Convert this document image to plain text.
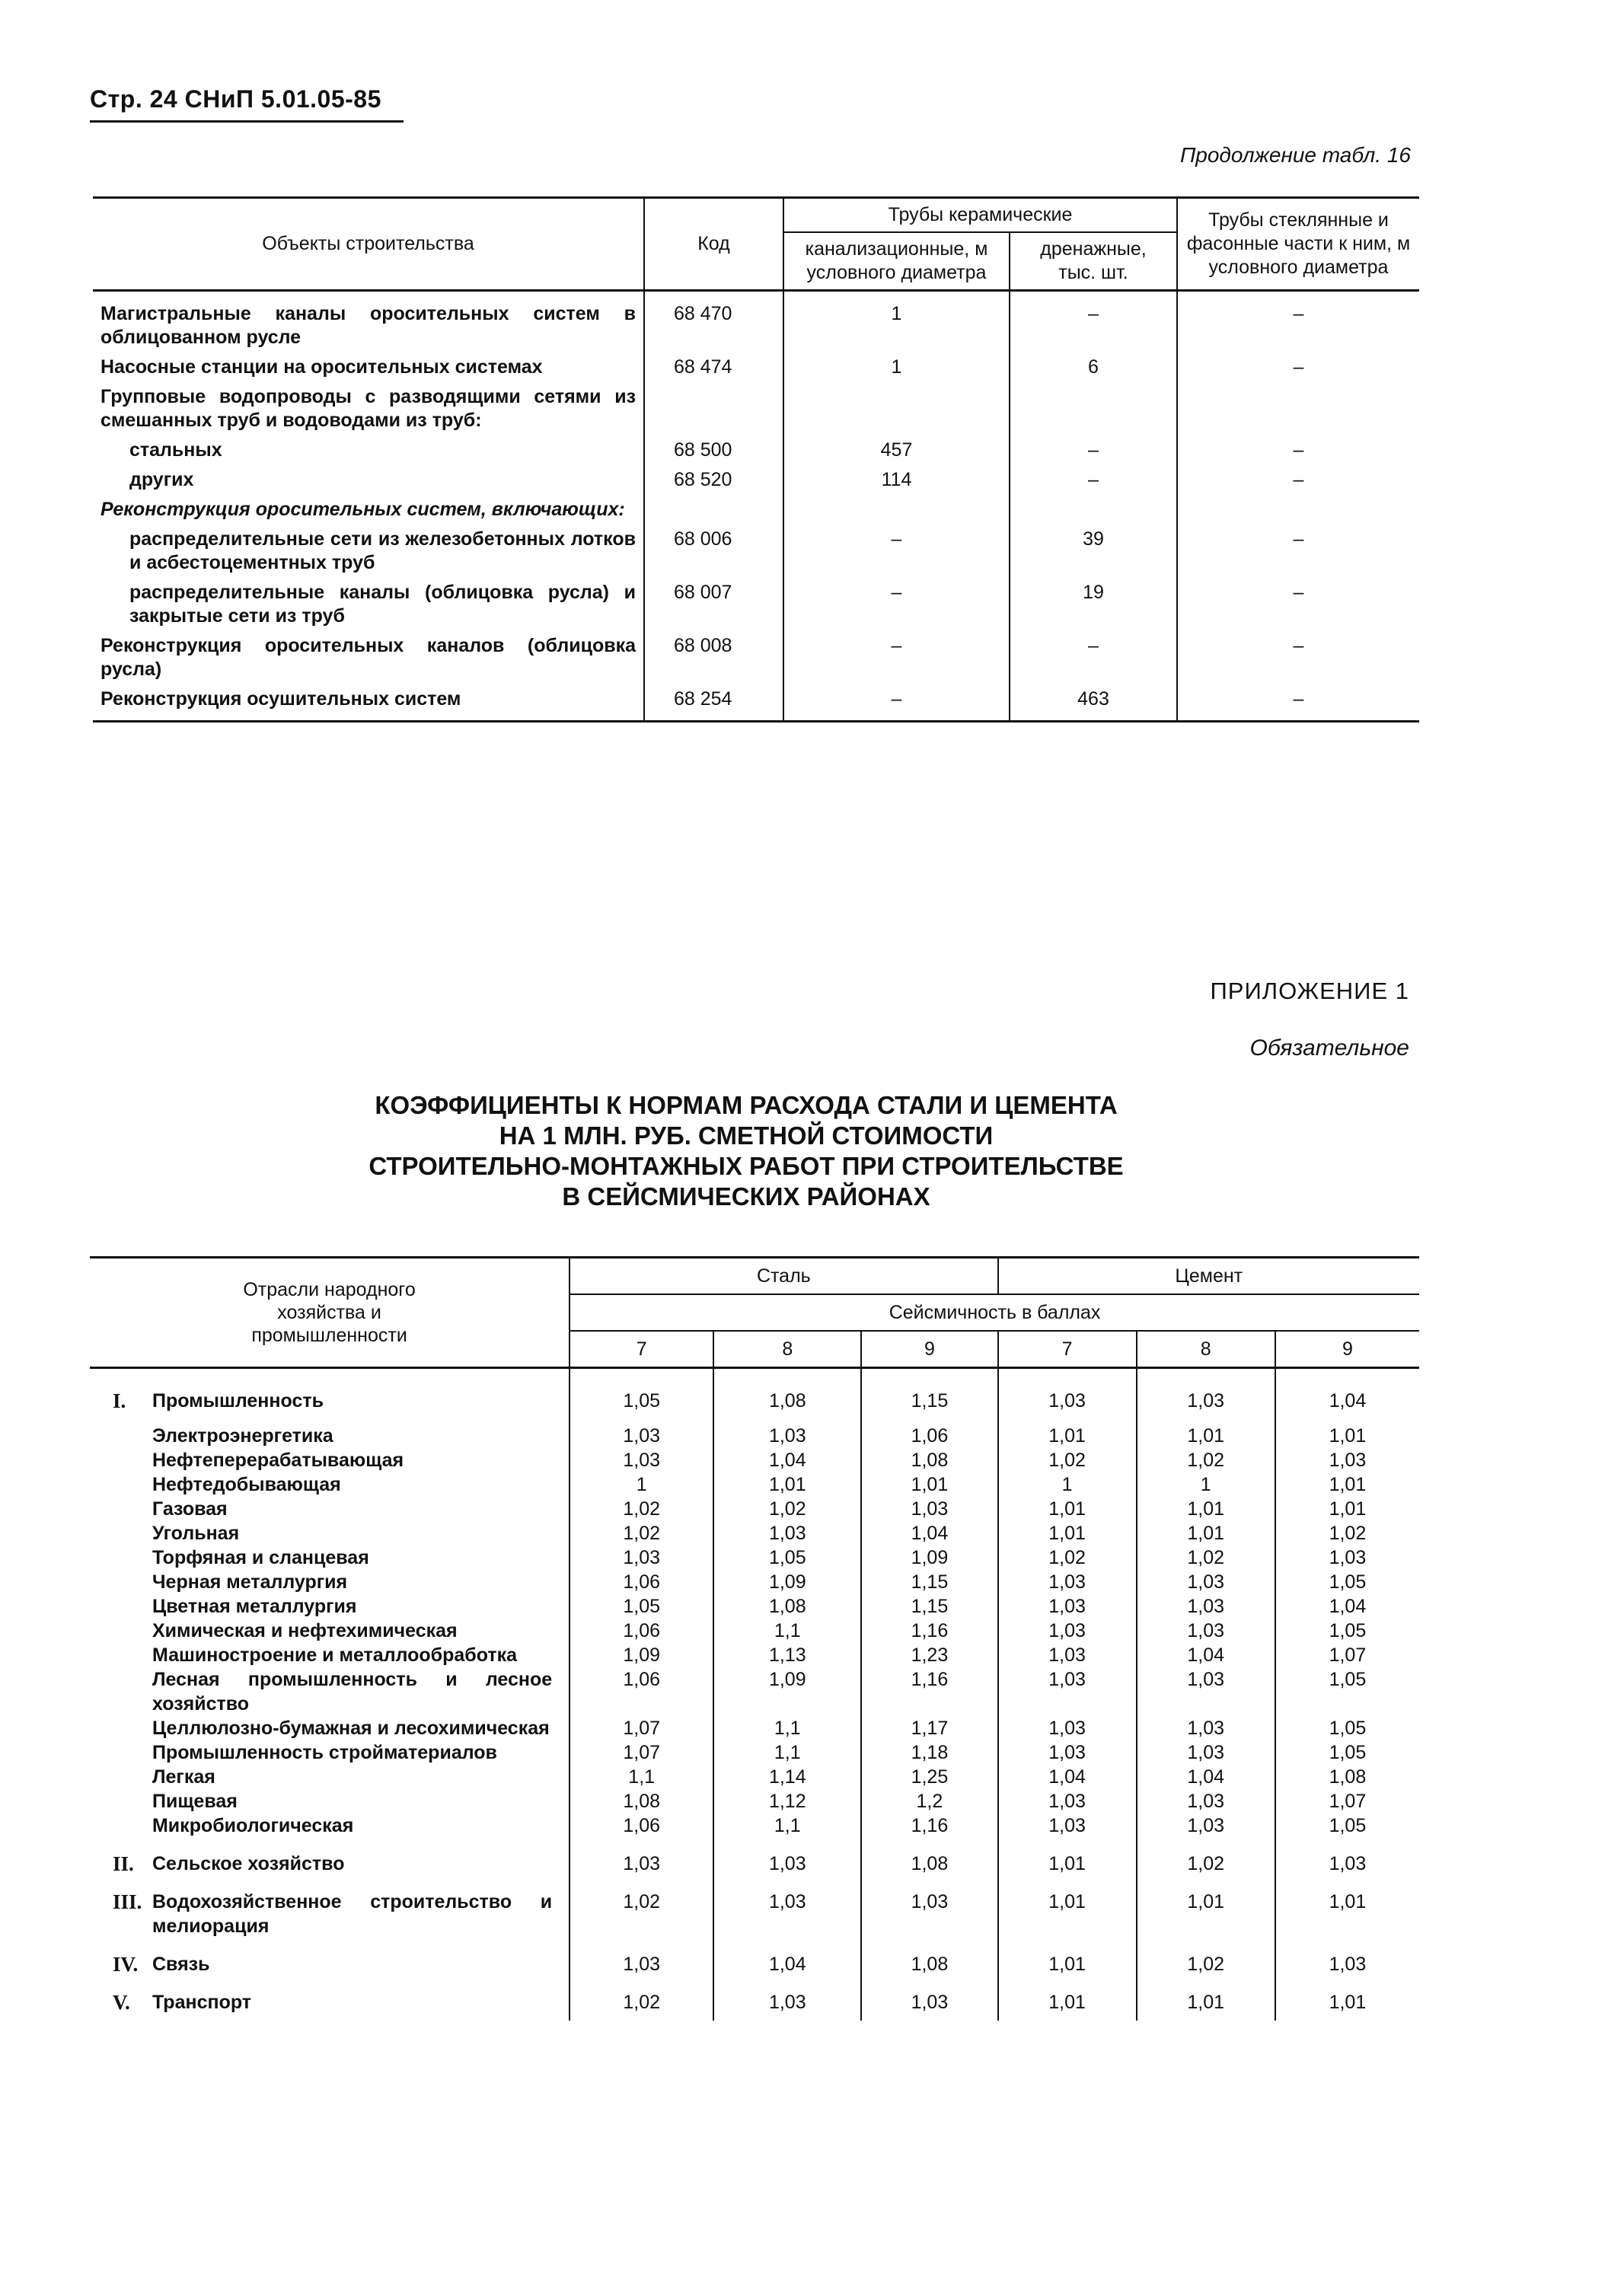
Стр. 24 СНиП 5.01.05-85
Продолжение табл. 16
Объекты строительства	Код	Трубы керамические		Трубы стеклянные и фасонные части к ним, м условного диаметра
		канализационные, м условного диаметра	дренажные, тыс. шт.	
Магистральные каналы оросительных систем в облицованном русле	68 470	1	–	–
Насосные станции на оросительных системах	68 474	1	6	–
Групповые водопроводы с разводящими сетями из смешанных труб и водоводами из труб:				
стальных	68 500	457	–	–
других	68 520	114	–	–
Реконструкция оросительных систем, включающих:				
распределительные сети из железобетонных лотков и асбестоцементных труб	68 006	–	39	–
распределительные каналы (облицовка русла) и закрытые сети из труб	68 007	–	19	–
Реконструкция оросительных каналов (облицовка русла)	68 008	–	–	–
Реконструкция осушительных систем	68 254	–	463	–
ПРИЛОЖЕНИЕ 1
Обязательное
КОЭФФИЦИЕНТЫ К НОРМАМ РАСХОДА СТАЛИ И ЦЕМЕНТА
НА 1 МЛН. РУБ. СМЕТНОЙ СТОИМОСТИ
СТРОИТЕЛЬНО-МОНТАЖНЫХ РАБОТ ПРИ СТРОИТЕЛЬСТВЕ
В СЕЙСМИЧЕСКИХ РАЙОНАХ
Отрасли народного хозяйства и промышленности		Сталь			Цемент		
		Сейсмичность в баллах					
		7	8	9	7	8	9
I.	Промышленность	1,05	1,08	1,15	1,03	1,03	1,04
	Электроэнергетика	1,03	1,03	1,06	1,01	1,01	1,01
	Нефтеперерабатывающая	1,03	1,04	1,08	1,02	1,02	1,03
	Нефтедобывающая	1	1,01	1,01	1	1	1,01
	Газовая	1,02	1,02	1,03	1,01	1,01	1,01
	Угольная	1,02	1,03	1,04	1,01	1,01	1,02
	Торфяная и сланцевая	1,03	1,05	1,09	1,02	1,02	1,03
	Черная металлургия	1,06	1,09	1,15	1,03	1,03	1,05
	Цветная металлургия	1,05	1,08	1,15	1,03	1,03	1,04
	Химическая и нефтехимическая	1,06	1,1	1,16	1,03	1,03	1,05
	Машиностроение и металлообработка	1,09	1,13	1,23	1,03	1,04	1,07
	Лесная промышленность и лесное хозяйство	1,06	1,09	1,16	1,03	1,03	1,05
	Целлюлозно-бумажная и лесохимическая	1,07	1,1	1,17	1,03	1,03	1,05
	Промышленность стройматериалов	1,07	1,1	1,18	1,03	1,03	1,05
	Легкая	1,1	1,14	1,25	1,04	1,04	1,08
	Пищевая	1,08	1,12	1,2	1,03	1,03	1,07
	Микробиологическая	1,06	1,1	1,16	1,03	1,03	1,05
II.	Сельское хозяйство	1,03	1,03	1,08	1,01	1,02	1,03
III.	Водохозяйственное строительство и мелиорация	1,02	1,03	1,03	1,01	1,01	1,01
IV.	Связь	1,03	1,04	1,08	1,01	1,02	1,03
V.	Транспорт	1,02	1,03	1,03	1,01	1,01	1,01
